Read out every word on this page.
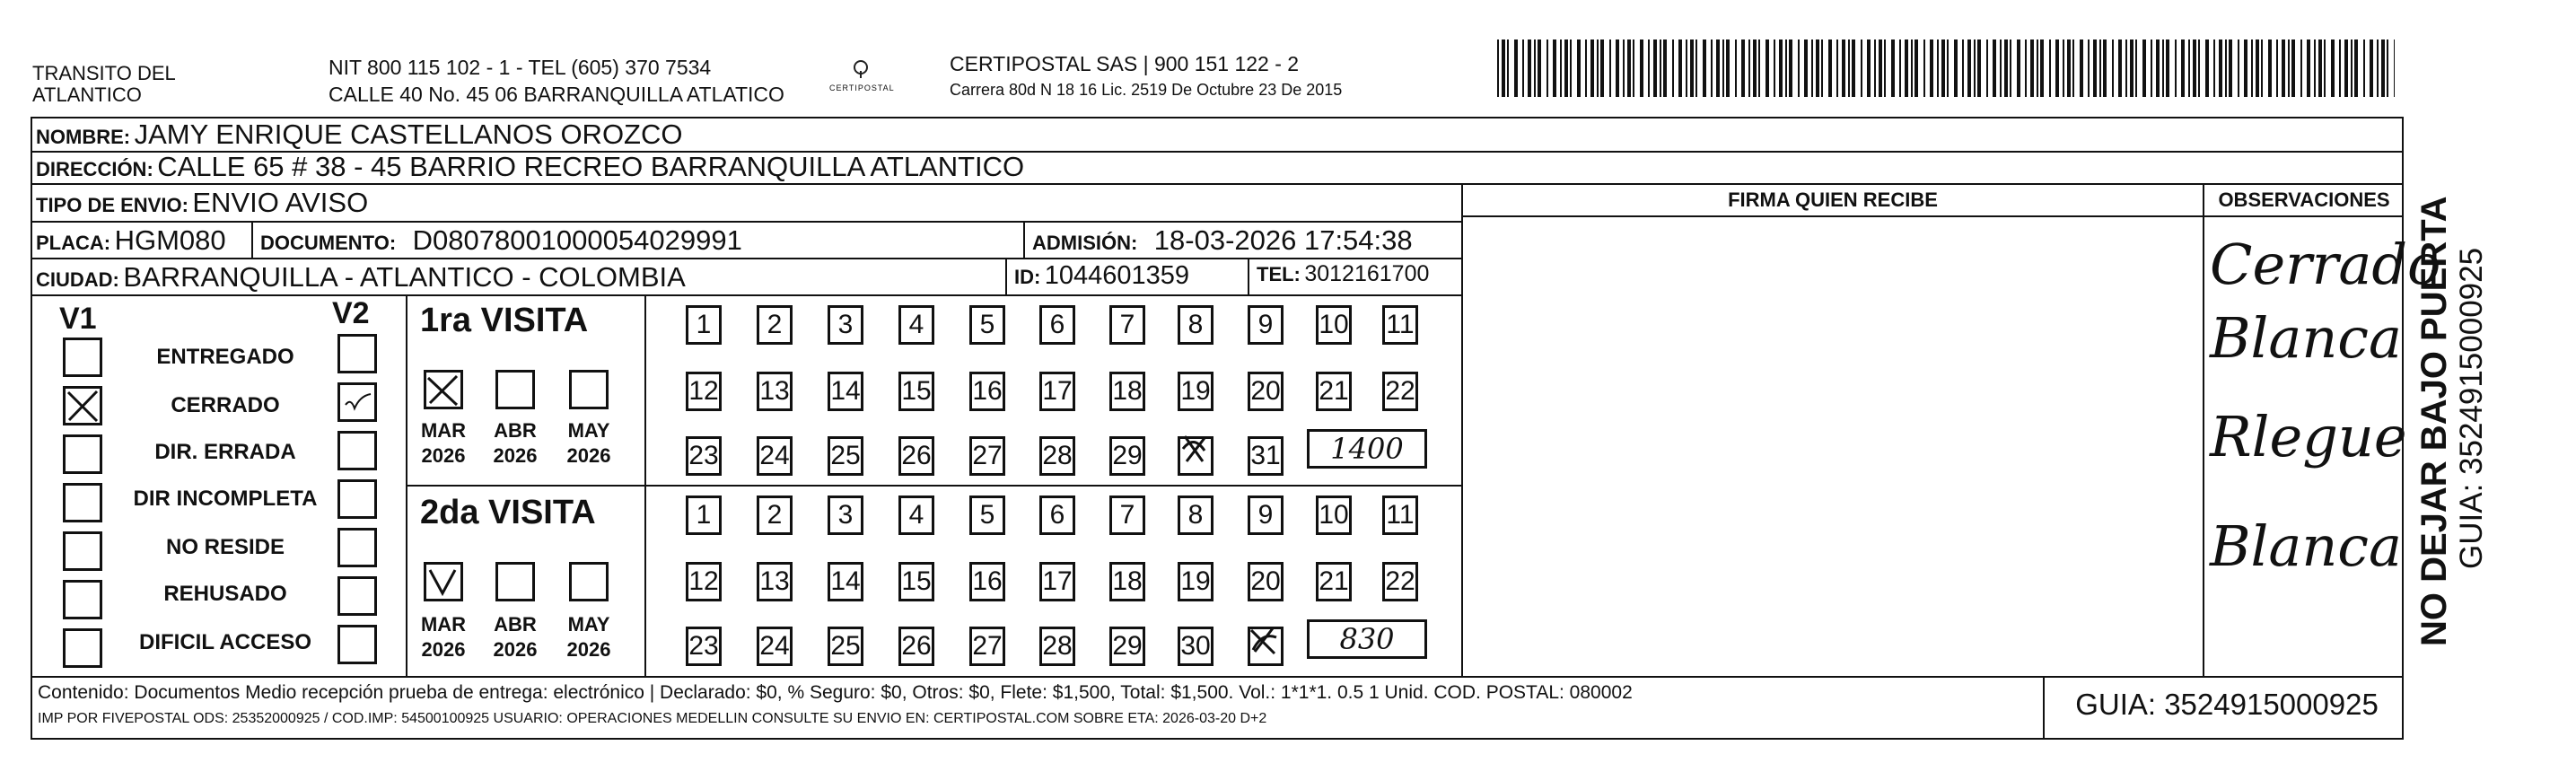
TRANSITO DEL ATLANTICO
NIT 800 115 102 - 1 - TEL (605) 370 7534
CALLE 40 No. 45 06 BARRANQUILLA ATLATICO	CERTIPOSTAL
CERTIPOSTAL SAS | 900 151 122 - 2
Carrera 80d N 18 16 Lic. 2519 De Octubre 23 De 2015
NOMBRE: JAMY ENRIQUE CASTELLANOS OROZCO
DIRECCIÓN: CALLE 65 # 38 - 45 BARRIO RECREO BARRANQUILLA ATLANTICO
TIPO DE ENVIO: ENVIO AVISO
PLACA: HGM080 DOCUMENTO: D08078001000054029991	ADMISIÓN: 18-03-2026 17:54:38
CIUDAD: BARRANQUILLA - ATLANTICO - COLOMBIA	ID: 1044601359	TEL: 3012161700
FIRMA QUIEN RECIBE	OBSERVACIONES
Cerrado
Blanca
Rlegue
Blanca
V1	V2
ENTREGADO
CERRADO
DIR. ERRADA
DIR INCOMPLETA
NO RESIDE
REHUSADO
DIFICIL ACCESO
1ra VISITA
MAR
2026
ABR
2026
MAY
2026
1	2	3	4	5	6	7	8	9	10 11
12 13 14 15 16 17 18 19 20 21 22
23 24 25 26 27 28 29	31	1400
2da VISITA
MAR
2026
ABR
2026
MAY
2026
1	2	3	4	5	6	7	8	9	10 11
12 13 14 15 16 17 18 19 20 21 22
23 24 25 26 27 28 29 30	830
Contenido: Documentos Medio recepción prueba de entrega: electrónico | Declarado: $0, % Seguro: $0, Otros: $0, Flete: $1,500, Total: $1,500. Vol.: 1*1*1. 0.5 1 Unid. COD. POSTAL: 080002
IMP POR FIVEPOSTAL ODS: 25352000925 / COD.IMP: 54500100925 USUARIO: OPERACIONES MEDELLIN CONSULTE SU ENVIO EN: CERTIPOSTAL.COM SOBRE ETA: 2026-03-20 D+2	GUIA: 3524915000925
NO DEJAR BAJO PUERTA GUIA: 3524915000925
